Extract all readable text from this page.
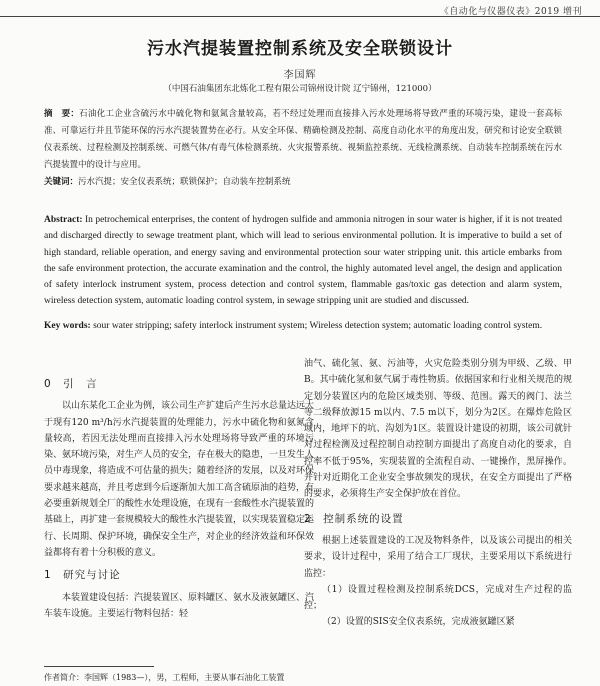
《自动化与仪器仪表》2019 增刊
污水汽提装置控制系统及安全联锁设计
李国辉
（中国石油集团东北炼化工程有限公司锦州设计院 辽宁锦州，121000）
摘　要：石油化工企业含硫污水中硫化物和氨氮含量较高，若不经过处理而直接排入污水处理场将导致严重的环境污染，建设一套高标准、可靠运行并且节能环保的污水汽提装置势在必行。从安全环保、精确检测及控制、高度自动化水平的角度出发，研究和讨论安全联锁仪表系统、过程检测及控制系统、可燃气体/有毒气体检测系统、火灾报警系统、视频监控系统、无线检测系统、自动装车控制系统在污水汽提装置中的设计与应用。
关键词：污水汽提；安全仪表系统；联锁保护；自动装车控制系统
Abstract: In petrochemical enterprises, the content of hydrogen sulfide and ammonia nitrogen in sour water is higher, if it is not treated and discharged directly to sewage treatment plant, which will lead to serious environmental pollution. It is imperative to build a set of high standard, reliable operation, and energy saving and environmental protection sour water stripping unit. this article embarks from the safe environment protection, the accurate examination and the control, the highly automated level angel, the design and application of safety interlock instrument system, process detection and control system, flammable gas/toxic gas detection and alarm system, wireless detection system, automatic loading control system, in sewage stripping unit are studied and discussed.
Key words: sour water stripping; safety interlock instrument system; Wireless detection system; automatic loading control system.
0　引　言

以山东某化工企业为例，该公司生产扩建后产生污水总量达远大于现有120 m³/h污水汽提装置的处理能力，污水中硫化物和氨氮含量较高，若因无法处理而直接排入污水处理场将导致严重的环境污染、氨环境污染，对生产人员的安全，存在极大的隐患，一旦发生人员中毒现象，将造成不可估量的损失；随着经济的发展，以及对环保要求越来越高，并且考虑到今后逐渐加大加工高含硫原油的趋势，有必要重新规划全厂的酸性水处理设施，在现有一套酸性水汽提装置的基础上，再扩建一套规模较大的酸性水汽提装置，以实现装置稳定运行、长周期、保护环境，确保安全生产，对企业的经济效益和环保效益都将有着十分积极的意义。

1　研究与讨论

本装置建设包括：汽提装置区、原料罐区、氨水及液氨罐区、汽车装车设施。主要运行物料包括：轻

油气、硫化氢、氨、污油等，火灾危险类别分别为甲级、乙级、甲B。其中硫化氢和氨气属于毒性物质。依据国家和行业相关规范的规定划分装置区内的危险区域类别、等级、范围。露天的阀门、法兰等二级释放源15 m以内、7.5 m以下，划分为2区。在爆炸危险区域内，地坪下的坑、沟划为1区。装置设计建设的初期，该公司就针对过程检测及过程控制自动控制方面提出了高度自动化的要求，自控率不低于95%，实现装置的全流程自动、一键操作，黑屏操作。并针对近期化工企业安全事故频发的现状，在安全方面提出了严格的要求，必须将生产安全保护放在首位。

2　控制系统的设置

根据上述装置建设的工况及物料条件，以及该公司提出的相关要求，设计过程中，采用了结合工厂现状，主要采用以下系统进行监控：

（1）设置过程检测及控制系统DCS，完成对生产过程的监控；

（2）设置的SIS安全仪表系统，完成液氨罐区紧

作者简介：李国辉（1983—），男，工程师，主要从事石油化工装置
